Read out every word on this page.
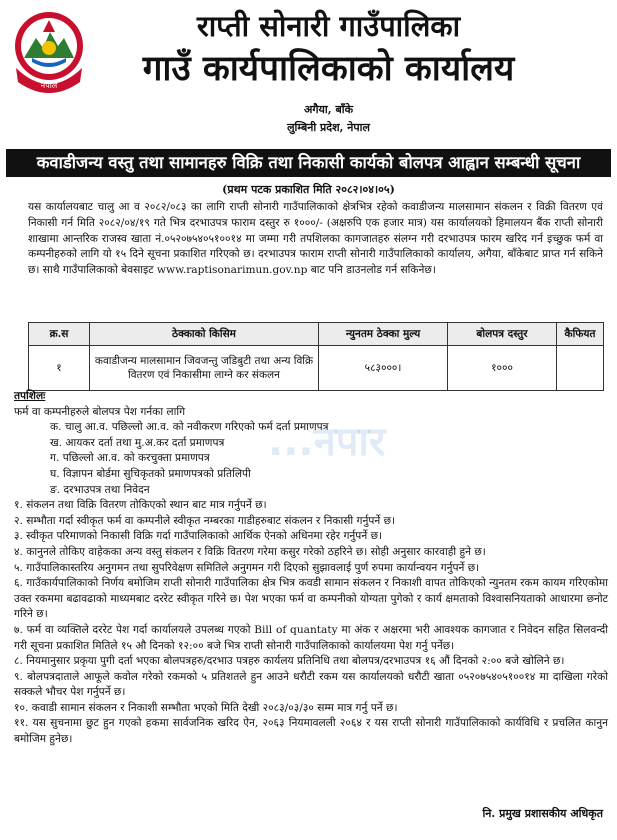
नेपाल
राप्ती सोनारी गाउँपालिका
गाउँ कार्यपालिकाको कार्यालय
अगैया, बाँके
लुम्बिनी प्रदेश, नेपाल
कवाडीजन्य वस्तु तथा सामानहरु विक्रि तथा निकासी कार्यको बोलपत्र आह्वान सम्बन्धी सूचना
(प्रथम पटक प्रकाशित मिति २०८२।०४।०५)
यस कार्यालयबाट चालु आ व २०८२/०८३ का लागि राप्ती सोनारी गाउँपालिकाको क्षेत्रभित्र रहेको कवाडीजन्य मालसामान संकलन र विक्री वितरण एवं निकासी गर्न मिति २०८२/०४/१९ गते भित्र दरभाउपत्र फाराम दस्तुर रु १०००/- (अक्षरुपि एक हजार मात्र) यस कार्यालयको हिमालयन बैंक राप्ती सोनारी शाखामा आन्तरिक राजस्व खाता नं.०५२०७५४०५१००१४ मा जम्मा गरी तपशिलका कागजातहरु संलग्न गरी दरभाउपत्र फारम खरिद गर्न इच्छुक फर्म वा कम्पनीहरुको लागि यो १५ दिने सूचना प्रकाशित गरिएको छ। दरभाउपत्र फाराम राप्ती सोनारी गाउँपालिकाको कार्यालय, अगैया, बाँकेबाट प्राप्त गर्न सकिने छ। साथै गाउँपालिकाको बेवसाइट www.raptisonarimun.gov.np बाट पनि डाउनलोड गर्न सकिनेछ।
क्र.स	ठेक्काको किसिम	न्युनतम ठेक्का मुल्य	बोलपत्र दस्तुर	कैफियत
१	कवाडीजन्य मालसामान जिवजन्तु जडिबुटी तथा अन्य विक्रि वितरण एवं निकासीमा लाग्ने कर संकलन	५८३०००।	१०००	
...नपार

तपशिलः

फर्म वा कम्पनीहरुले बोलपत्र पेश गर्नका लागि

क. चालु आ.व. पछिल्लो आ.व. को नवीकरण गरिएको फर्म दर्ता प्रमाणपत्र

ख. आयकर दर्ता तथा मु.अ.कर दर्ता प्रमाणपत्र

ग. पछिल्लो आ.व. को करचुक्ता प्रमाणपत्र

घ. विज्ञापन बोर्डमा सुचिकृतको प्रमाणपत्रको प्रतिलिपी

ङ. दरभाउपत्र तथा निवेदन

१. संकलन तथा विक्रि वितरण तोकिएको स्थान बाट मात्र गर्नुपर्ने छ।

२. सम्भौता गर्दा स्वीकृत फर्म वा कम्पनीले स्वीकृत नम्बरका गाडीहरुबाट संकलन र निकासी गर्नुपर्ने छ।

३. स्वीकृत परिमाणको निकासी विक्रि गर्दा गाउँपालिकाको आर्थिक ऐनको अधिनमा रहेर गर्नुपर्ने छ।

४. कानुनले तोकिए वाहेकका अन्य वस्तु संकलन र विक्रि वितरण गरेमा कसुर गरेको ठहरिने छ। सोही अनुसार कारवाही हुने छ।

५. गाउँपालिकास्तरिय अनुगमन तथा सुपरिवेक्षण समितिले अनुगमन गरी दिएको सुझावलाई पुर्ण रुपमा कार्यान्वयन गर्नुपर्ने छ।

६. गाउँकार्यपालिकाको निर्णय बमोजिम राप्ती सोनारी गाउँपालिका क्षेत्र भित्र कवडी सामान संकलन र निकाशी वापत तोकिएको न्युनतम रकम कायम गरिएकोमा उक्त रकममा बढावढाको माध्यमबाट दररेट स्वीकृत गरिने छ। पेश भएका फर्म वा कम्पनीको योग्यता पुगेको र कार्य क्षमताको विश्वासनियताको आधारमा छनोट गरिने छ।

७. फर्म वा व्यक्तिले दररेट पेश गर्दा कार्यालयले उपलब्ध गएको Bill of quantaty मा अंक र अक्षरमा भरी आवश्यक कागजात र निवेदन सहित सिलवन्दी गरी सूचना प्रकाशित मितिले १५ औ दिनको १२:०० बजे भित्र राप्ती सोनारी गाउँपालिकाको कार्यालयमा पेश गर्नु पर्नेछ।

८. नियमानुसार प्रकृया पुगी दर्ता भएका बोलपत्रहरु/दरभाउ पत्रहरु कार्यलय प्रतिनिधि तथा बोलपत्र/दरभाउपत्र १६ औं दिनको २:०० बजे खोलिने छ।

९. बोलपत्रदाताले आफूले कवोल गरेको रकमको ५ प्रतिशतले हुन आउने धरौटी रकम यस कार्यालयको धरौटी खाता ०५२०७५४०५१००१४ मा दाखिला गरेको सक्कले भौचर पेश गर्नुपर्ने छ।

१०. कवाडी सामान संकलन र निकाशी सम्भौता भएको मिति देखी २०८३/०३/३० सम्म मात्र गर्नु पर्ने छ।

११. यस सुचनामा छुट हुन गएको हकमा सार्वजनिक खरिद ऐन, २०६३ नियमावलली २०६४ र यस राप्ती सोनारी गाउँपालिकाको कार्यविधि र प्रचलित कानुन बमोजिम हुनेछ।

नि. प्रमुख प्रशासकीय अधिकृत
